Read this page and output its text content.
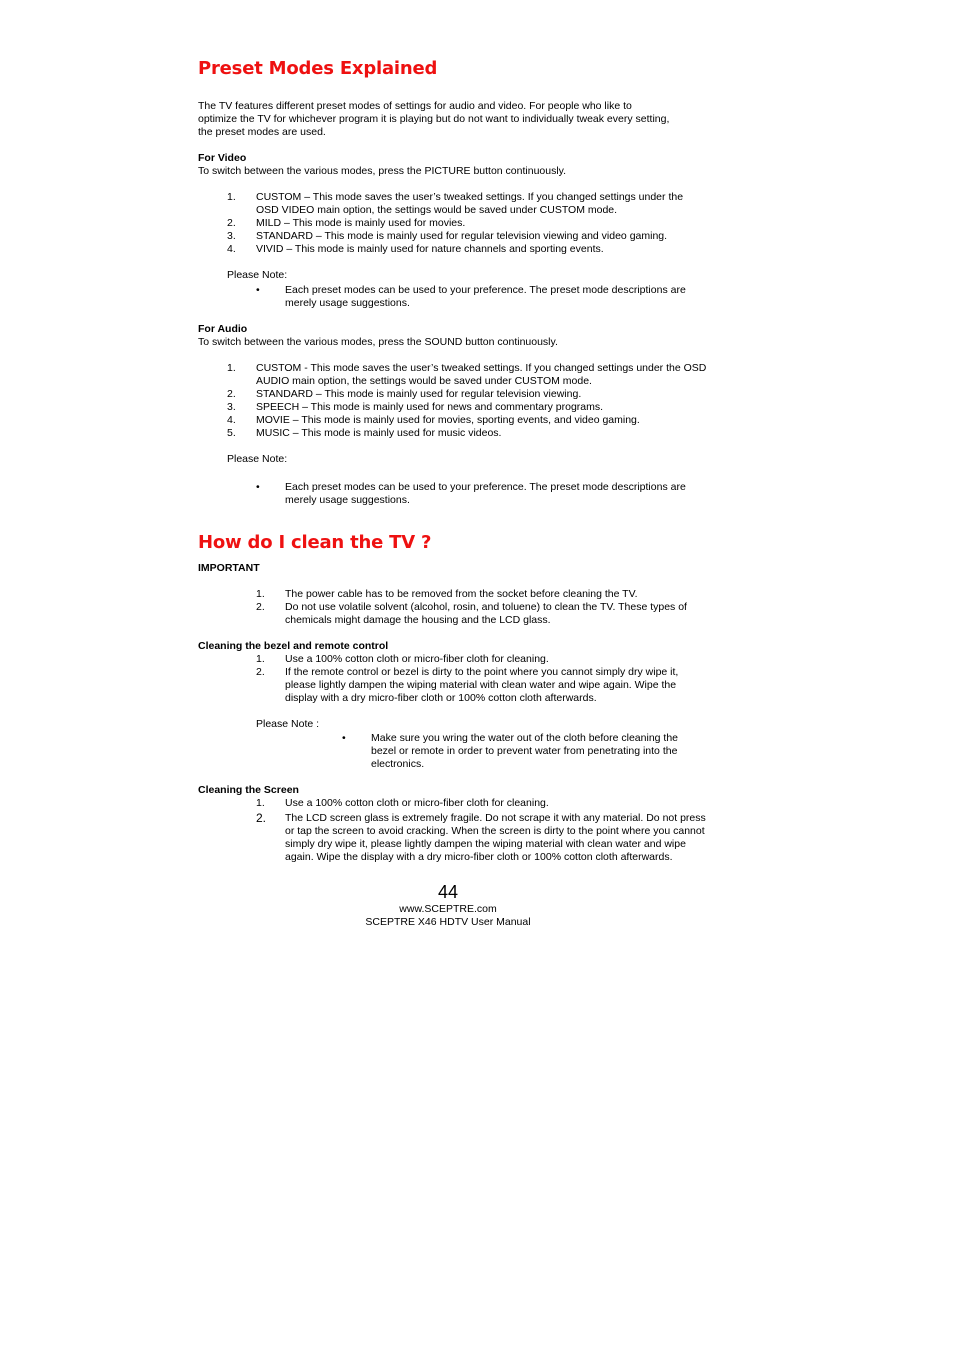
Preset Modes Explained

The TV features different preset modes of settings for audio and video. For people who like to optimize the TV for whichever program it is playing but do not want to individually tweak every setting, the preset modes are used.

For Video

To switch between the various modes, press the PICTURE button continuously.

1.	CUSTOM – This mode saves the user’s tweaked settings. If you changed settings under the OSD VIDEO main option, the settings would be saved under CUSTOM mode.
2.	MILD – This mode is mainly used for movies.
3.	STANDARD – This mode is mainly used for regular television viewing and video gaming.
4.	VIVID – This mode is mainly used for nature channels and sporting events.

Please Note:

•	Each preset modes can be used to your preference. The preset mode descriptions are merely usage suggestions.

For Audio

To switch between the various modes, press the SOUND button continuously.

1.	CUSTOM - This mode saves the user’s tweaked settings. If you changed settings under the OSD AUDIO main option, the settings would be saved under CUSTOM mode.
2.	STANDARD – This mode is mainly used for regular television viewing.
3.	SPEECH – This mode is mainly used for news and commentary programs.
4.	MOVIE – This mode is mainly used for movies, sporting events, and video gaming.
5.	MUSIC – This mode is mainly used for music videos.

Please Note:

•	Each preset modes can be used to your preference. The preset mode descriptions are merely usage suggestions.
How do I clean the TV ?

IMPORTANT

1.	The power cable has to be removed from the socket before cleaning the TV.
2.	Do not use volatile solvent (alcohol, rosin, and toluene) to clean the TV. These types of chemicals might damage the housing and the LCD glass.

Cleaning the bezel and remote control

1.	Use a 100% cotton cloth or micro-fiber cloth for cleaning.
2.	If the remote control or bezel is dirty to the point where you cannot simply dry wipe it, please lightly dampen the wiping material with clean water and wipe again. Wipe the display with a dry micro-fiber cloth or 100% cotton cloth afterwards.

Please Note :

•	Make sure you wring the water out of the cloth before cleaning the bezel or remote in order to prevent water from penetrating into the electronics.

Cleaning the Screen

1.	Use a 100% cotton cloth or micro-fiber cloth for cleaning.
2.	The LCD screen glass is extremely fragile. Do not scrape it with any material. Do not press or tap the screen to avoid cracking. When the screen is dirty to the point where you cannot simply dry wipe it, please lightly dampen the wiping material with clean water and wipe again. Wipe the display with a dry micro-fiber cloth or 100% cotton cloth afterwards.
44
www.SCEPTRE.com
SCEPTRE X46 HDTV User Manual
